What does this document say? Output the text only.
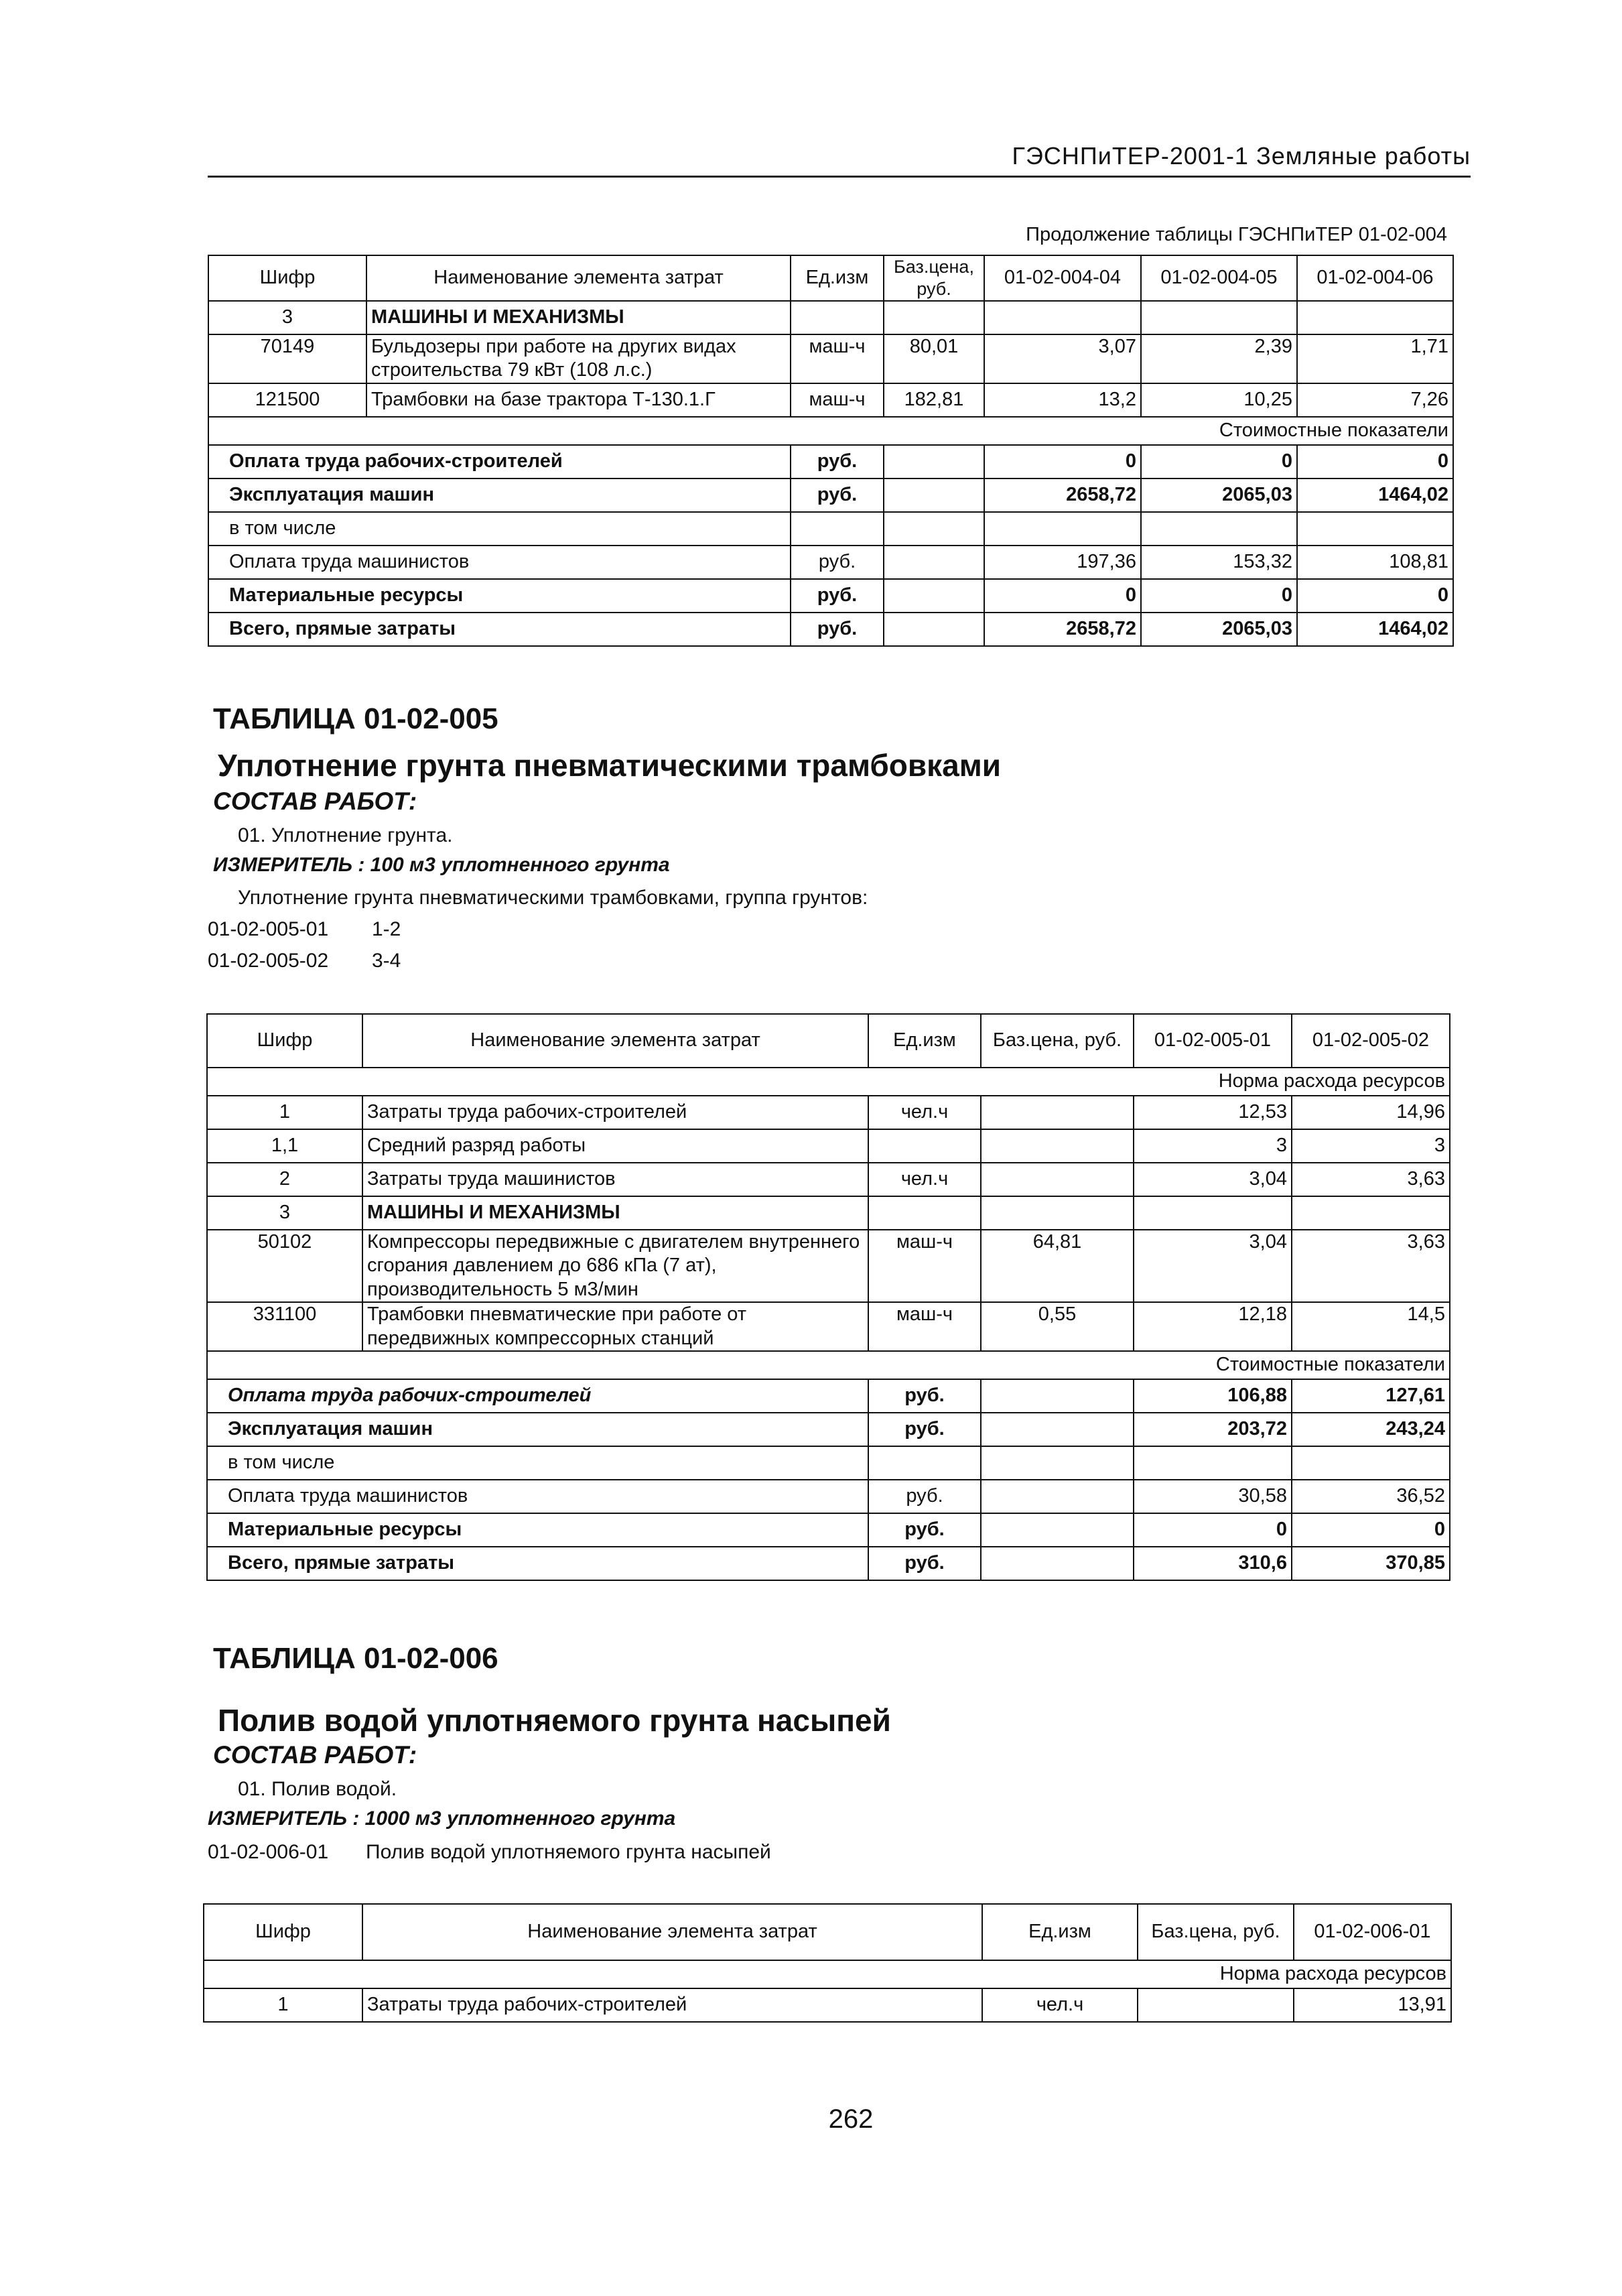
ГЭСНПиТЕР-2001-1 Земляные работы
Продолжение таблицы ГЭСНПиТЕР 01-02-004
Шифр	Наименование элемента затрат	Ед.изм	Баз.цена, руб.	01-02-004-04	01-02-004-05	01-02-004-06
3	МАШИНЫ И МЕХАНИЗМЫ					
70149	Бульдозеры при работе на других видах строительства 79 кВт (108 л.с.)	маш-ч	80,01	3,07	2,39	1,71
121500	Трамбовки на базе трактора Т-130.1.Г	маш-ч	182,81	13,2	10,25	7,26
Стоимостные показатели						
Оплата труда рабочих-строителей		руб.		0	0	0
Эксплуатация машин		руб.		2658,72	2065,03	1464,02
в том числе						
Оплата труда машинистов		руб.		197,36	153,32	108,81
Материальные ресурсы		руб.		0	0	0
Всего, прямые затраты		руб.		2658,72	2065,03	1464,02
ТАБЛИЦА 01-02-005
Уплотнение грунта пневматическими трамбовками
СОСТАВ РАБОТ:
01. Уплотнение грунта.
ИЗМЕРИТЕЛЬ : 100 м3 уплотненного грунта
Уплотнение грунта пневматическими трамбовками, группа грунтов:
01-02-005-01 1-2
01-02-005-02 3-4
Шифр	Наименование элемента затрат	Ед.изм	Баз.цена, руб.	01-02-005-01	01-02-005-02
Норма расхода ресурсов					
1	Затраты труда рабочих-строителей	чел.ч		12,53	14,96
1,1	Средний разряд работы			3	3
2	Затраты труда машинистов	чел.ч		3,04	3,63
3	МАШИНЫ И МЕХАНИЗМЫ				
50102	Компрессоры передвижные с двигателем внутреннего сгорания давлением до 686 кПа (7 ат), производительность 5 м3/мин	маш-ч	64,81	3,04	3,63
331100	Трамбовки пневматические при работе от передвижных компрессорных станций	маш-ч	0,55	12,18	14,5
Стоимостные показатели					
Оплата труда рабочих-строителей		руб.		106,88	127,61
Эксплуатация машин		руб.		203,72	243,24
в том числе					
Оплата труда машинистов		руб.		30,58	36,52
Материальные ресурсы		руб.		0	0
Всего, прямые затраты		руб.		310,6	370,85
ТАБЛИЦА 01-02-006
Полив водой уплотняемого грунта насыпей
СОСТАВ РАБОТ:
01. Полив водой.
ИЗМЕРИТЕЛЬ : 1000 м3 уплотненного грунта
01-02-006-01 Полив водой уплотняемого грунта насыпей
Шифр	Наименование элемента затрат	Ед.изм	Баз.цена, руб.	01-02-006-01
Норма расхода ресурсов				
1	Затраты труда рабочих-строителей	чел.ч		13,91
262
